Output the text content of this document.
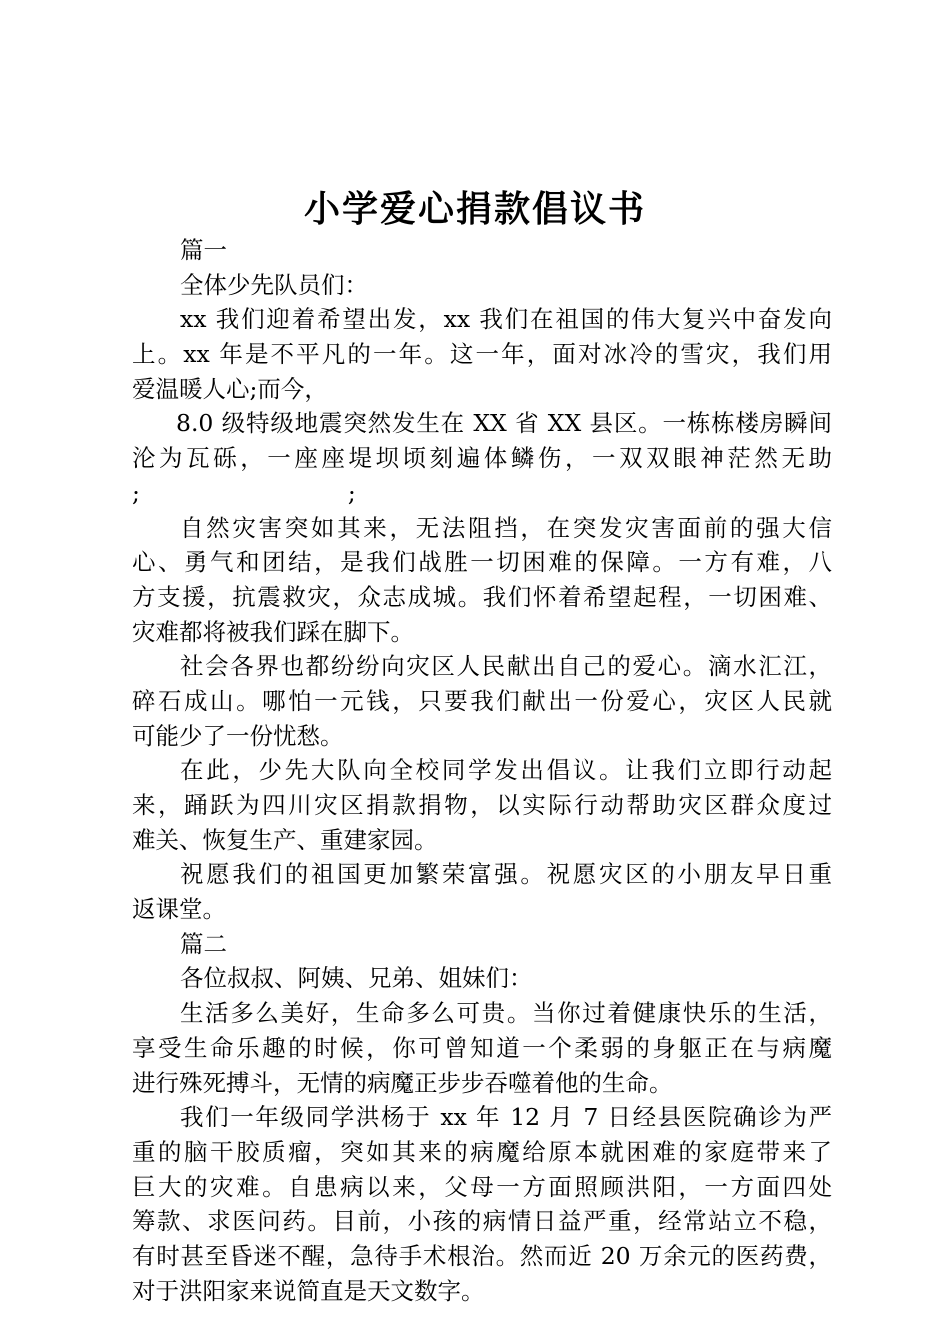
小学爱心捐款倡议书
篇一
全体少先队员们：
xx 我们迎着希望出发，xx 我们在祖国的伟大复兴中奋发向
上。xx 年是不平凡的一年。这一年，面对冰冷的雪灾，我们用
爱温暖人心;而今，
8.0 级特级地震突然发生在 XX 省 XX 县区。一栋栋楼房瞬间
沦为瓦砾，一座座堤坝顷刻遍体鳞伤，一双双眼神茫然无助
;	;
自然灾害突如其来，无法阻挡，在突发灾害面前的强大信
心、勇气和团结，是我们战胜一切困难的保障。一方有难，八
方支援，抗震救灾，众志成城。我们怀着希望起程，一切困难、
灾难都将被我们踩在脚下。
社会各界也都纷纷向灾区人民献出自己的爱心。滴水汇江，
碎石成山。哪怕一元钱，只要我们献出一份爱心，灾区人民就
可能少了一份忧愁。
在此，少先大队向全校同学发出倡议。让我们立即行动起
来，踊跃为四川灾区捐款捐物，以实际行动帮助灾区群众度过
难关、恢复生产、重建家园。
祝愿我们的祖国更加繁荣富强。祝愿灾区的小朋友早日重
返课堂。
篇二
各位叔叔、阿姨、兄弟、姐妹们：
生活多么美好，生命多么可贵。当你过着健康快乐的生活，
享受生命乐趣的时候，你可曾知道一个柔弱的身躯正在与病魔
进行殊死搏斗，无情的病魔正步步吞噬着他的生命。
我们一年级同学洪杨于 xx 年 12 月 7 日经县医院确诊为严
重的脑干胶质瘤，突如其来的病魔给原本就困难的家庭带来了
巨大的灾难。自患病以来，父母一方面照顾洪阳，一方面四处
筹款、求医问药。目前，小孩的病情日益严重，经常站立不稳，
有时甚至昏迷不醒，急待手术根治。然而近 20 万余元的医药费，
对于洪阳家来说简直是天文数字。
